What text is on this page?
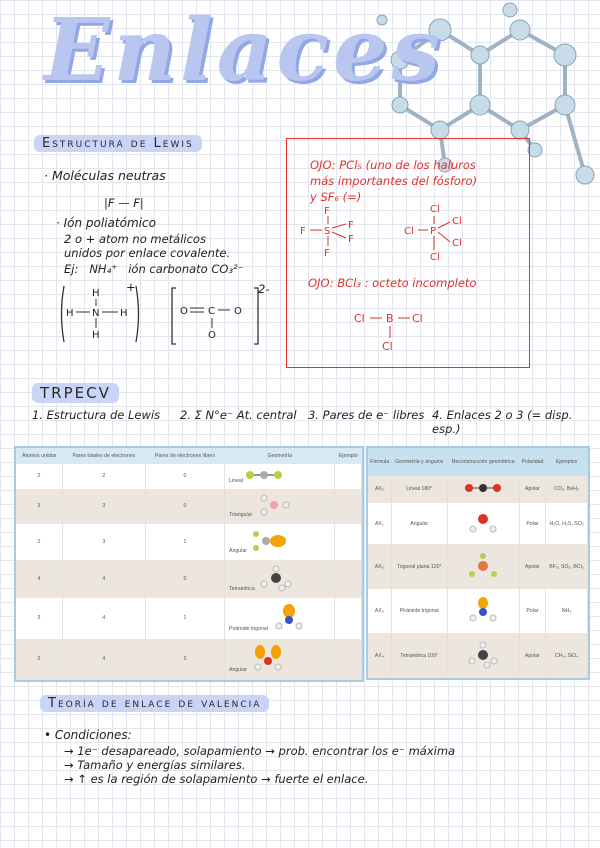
Enlaces
Estructura de Lewis
· Moléculas neutras
|F — F|
· Ión poliatómico
2 o + atom no metálicos
unidos por enlace covalente.
Ej: NH₄⁺ ión carbonato CO₃²⁻
H
H N H
H
+
O C O
O
2-
OJO: PCl₅ (uno de los haluros
más importantes del fósforo)
y SF₆ (=)
F
F S
F
F
F
Cl
Cl P
Cl
Cl
Cl
OJO: BCl₃ : octeto incompleto
Cl B Cl
Cl
TRPECV
1. Estructura de Lewis 2. Σ N°e⁻ At. central 3. Pares de e⁻ libres 4. Enlaces 2 o 3 (= disp. esp.)
Átomos unidos	Pares totales de electrones	Pares de electrones libres	Geometría	Ejemplo
2	2	0	Lineal	
3	3	0	Triangular	
2	3	1	Angular	
4	4	0	Tetraédrica	
3	4	1	Pirámide trigonal	
2	4	2	Angular	
Fórmula	Geometría y ángulos	Reconstrucción geométrica	Polaridad	Ejemplos
AX₂	Lineal 180°		Apolar	CO₂, BeH₂
AX₂	Angular		Polar	H₂O, H₂S, SO₂
AX₃	Trigonal plana 120°		Apolar	BF₃, SO₃, BCl₃
AX₃	Pirámide trigonal		Polar	NH₃
AX₄	Tetraédrica 109°		Apolar	CH₄, SiO₄
Teoría de enlace de valencia
• Condiciones:
→ 1e⁻ desapareado, solapamiento → prob. encontrar los e⁻ máxima
→ Tamaño y energías similares.
→ ↑ es la región de solapamiento → fuerte el enlace.
